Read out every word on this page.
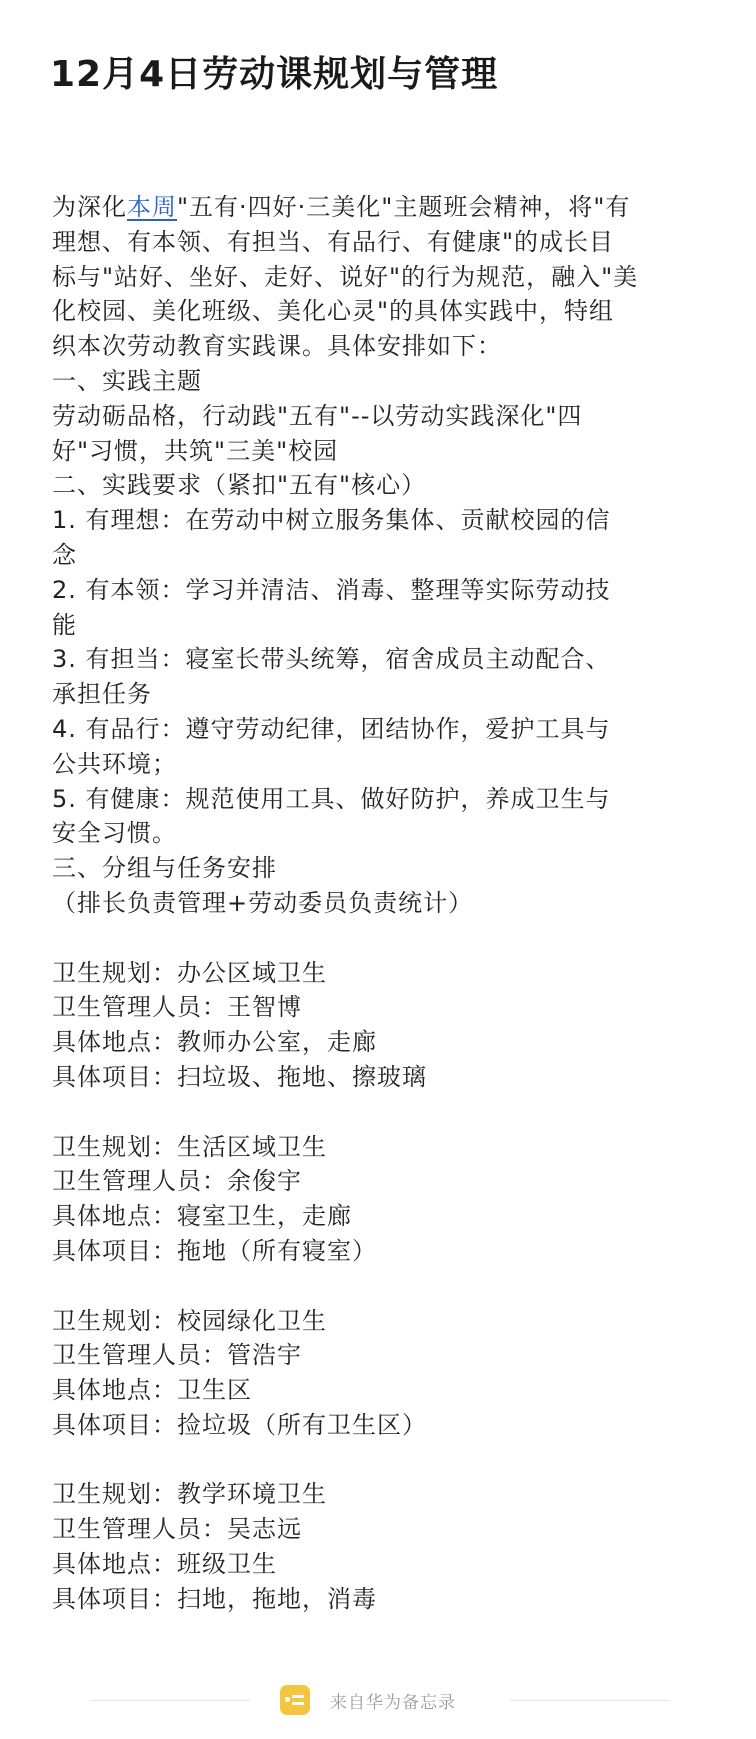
12月4日劳动课规划与管理
为深化本周"五有·四好·三美化"主题班会精神，将"有
理想、有本领、有担当、有品行、有健康"的成长目
标与"站好、坐好、走好、说好"的行为规范，融入"美
化校园、美化班级、美化心灵"的具体实践中，特组
织本次劳动教育实践课。具体安排如下：
一、实践主题
劳动砺品格，行动践"五有"--以劳动实践深化"四
好"习惯，共筑"三美"校园
二、实践要求（紧扣"五有"核心）
1. 有理想：在劳动中树立服务集体、贡献校园的信
念
2. 有本领：学习并清洁、消毒、整理等实际劳动技
能
3. 有担当：寝室长带头统筹，宿舍成员主动配合、
承担任务
4. 有品行：遵守劳动纪律，团结协作，爱护工具与
公共环境；
5. 有健康：规范使用工具、做好防护，养成卫生与
安全习惯。
三、分组与任务安排
（排长负责管理+劳动委员负责统计）
卫生规划：办公区域卫生
卫生管理人员：王智博
具体地点：教师办公室，走廊
具体项目：扫垃圾、拖地、擦玻璃
卫生规划：生活区域卫生
卫生管理人员：余俊宇
具体地点：寝室卫生，走廊
具体项目：拖地（所有寝室）
卫生规划：校园绿化卫生
卫生管理人员：管浩宇
具体地点：卫生区
具体项目：捡垃圾（所有卫生区）
卫生规划：教学环境卫生
卫生管理人员：吴志远
具体地点：班级卫生
具体项目：扫地，拖地，消毒
来自华为备忘录
